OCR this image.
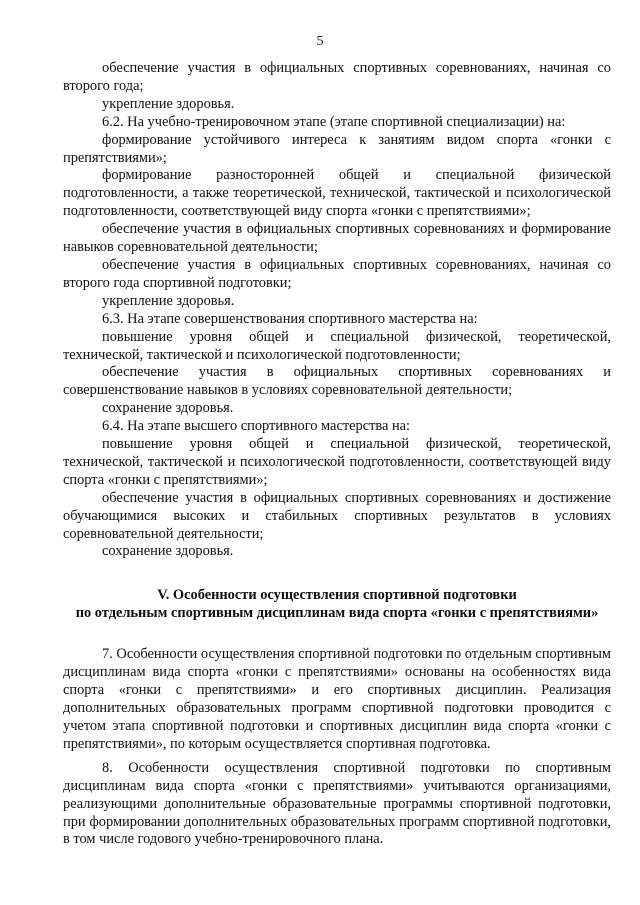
5

обеспечение участия в официальных спортивных соревнованиях, начиная со второго года;

укрепление здоровья.

6.2. На учебно-тренировочном этапе (этапе спортивной специализации) на:

формирование устойчивого интереса к занятиям видом спорта «гонки с препятствиями»;

формирование разносторонней общей и специальной физической подготовленности, а также теоретической, технической, тактической и психологической подготовленности, соответствующей виду спорта «гонки с препятствиями»;

обеспечение участия в официальных спортивных соревнованиях и формирование навыков соревновательной деятельности;

обеспечение участия в официальных спортивных соревнованиях, начиная со второго года спортивной подготовки;

укрепление здоровья.

6.3. На этапе совершенствования спортивного мастерства на:

повышение уровня общей и специальной физической, теоретической, технической, тактической и психологической подготовленности;

обеспечение участия в официальных спортивных соревнованиях и совершенствование навыков в условиях соревновательной деятельности;

сохранение здоровья.

6.4. На этапе высшего спортивного мастерства на:

повышение уровня общей и специальной физической, теоретической, технической, тактической и психологической подготовленности, соответствующей виду спорта «гонки с препятствиями»;

обеспечение участия в официальных спортивных соревнованиях и достижение обучающимися высоких и стабильных спортивных результатов в условиях соревновательной деятельности;

сохранение здоровья.

V. Особенности осуществления спортивной подготовки
по отдельным спортивным дисциплинам вида спорта «гонки с препятствиями»

7. Особенности осуществления спортивной подготовки по отдельным спортивным дисциплинам вида спорта «гонки с препятствиями» основаны на особенностях вида спорта «гонки с препятствиями» и его спортивных дисциплин. Реализация дополнительных образовательных программ спортивной подготовки проводится с учетом этапа спортивной подготовки и спортивных дисциплин вида спорта «гонки с препятствиями», по которым осуществляется спортивная подготовка.

8. Особенности осуществления спортивной подготовки по спортивным дисциплинам вида спорта «гонки с препятствиями» учитываются организациями, реализующими дополнительные образовательные программы спортивной подготовки, при формировании дополнительных образовательных программ спортивной подготовки, в том числе годового учебно-тренировочного плана.
